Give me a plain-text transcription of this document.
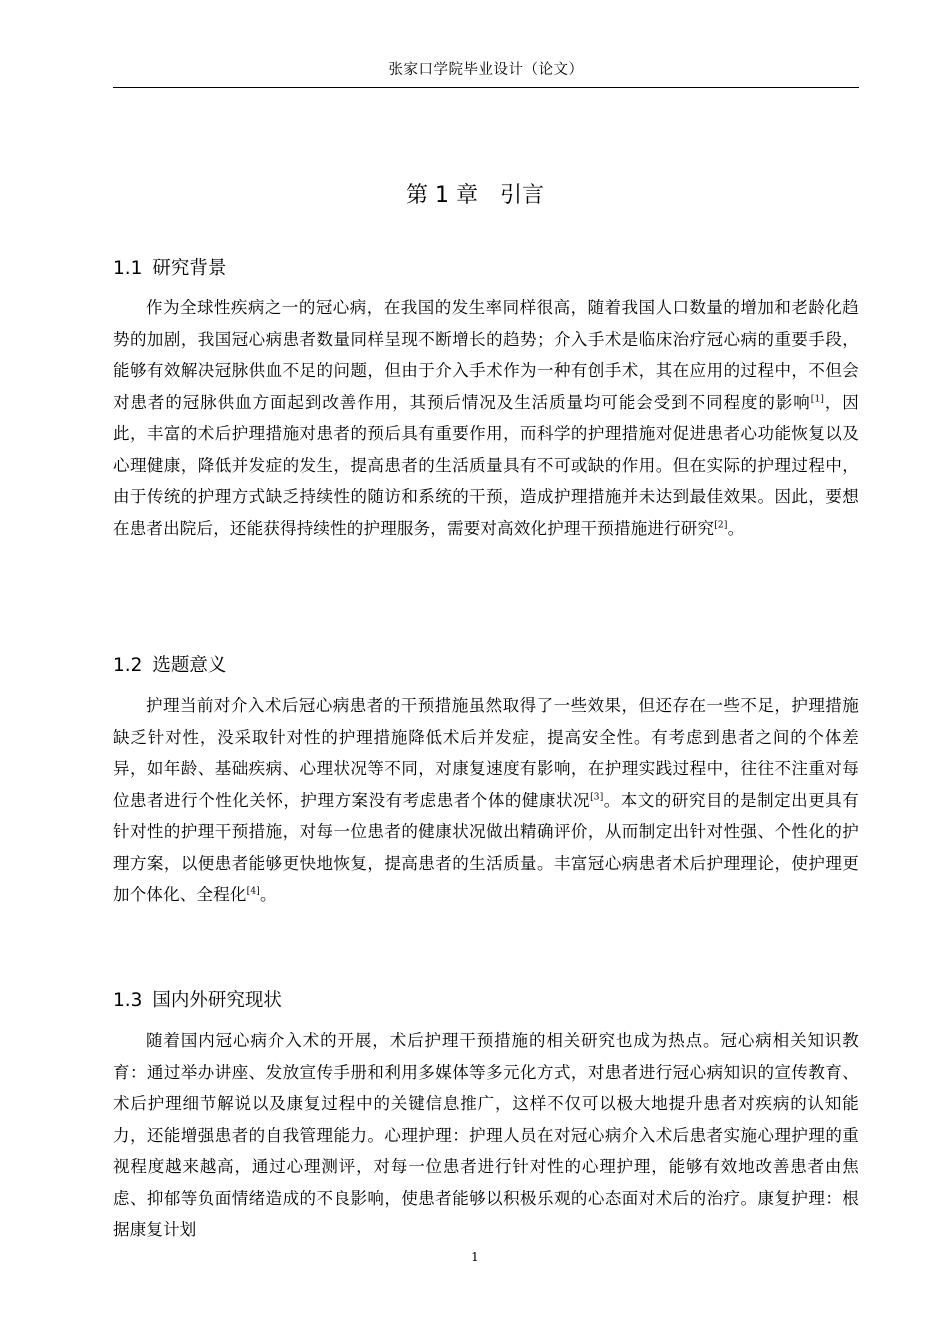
张家口学院毕业设计（论文）
第 1 章 引言
1.1 研究背景

作为全球性疾病之一的冠心病，在我国的发生率同样很高，随着我国人口数量的增加和老龄化趋势的加剧，我国冠心病患者数量同样呈现不断增长的趋势；介入手术是临床治疗冠心病的重要手段，能够有效解决冠脉供血不足的问题，但由于介入手术作为一种有创手术，其在应用的过程中，不但会对患者的冠脉供血方面起到改善作用，其预后情况及生活质量均可能会受到不同程度的影响[1]，因此，丰富的术后护理措施对患者的预后具有重要作用，而科学的护理措施对促进患者心功能恢复以及心理健康，降低并发症的发生，提高患者的生活质量具有不可或缺的作用。但在实际的护理过程中，由于传统的护理方式缺乏持续性的随访和系统的干预，造成护理措施并未达到最佳效果。因此，要想在患者出院后，还能获得持续性的护理服务，需要对高效化护理干预措施进行研究[2]。

1.2 选题意义

护理当前对介入术后冠心病患者的干预措施虽然取得了一些效果，但还存在一些不足，护理措施缺乏针对性，没采取针对性的护理措施降低术后并发症，提高安全性。有考虑到患者之间的个体差异，如年龄、基础疾病、心理状况等不同，对康复速度有影响，在护理实践过程中，往往不注重对每位患者进行个性化关怀，护理方案没有考虑患者个体的健康状况[3]。本文的研究目的是制定出更具有针对性的护理干预措施，对每一位患者的健康状况做出精确评价，从而制定出针对性强、个性化的护理方案，以便患者能够更快地恢复，提高患者的生活质量。丰富冠心病患者术后护理理论，使护理更加个体化、全程化[4]。

1.3 国内外研究现状

随着国内冠心病介入术的开展，术后护理干预措施的相关研究也成为热点。冠心病相关知识教育：通过举办讲座、发放宣传手册和利用多媒体等多元化方式，对患者进行冠心病知识的宣传教育、术后护理细节解说以及康复过程中的关键信息推广，这样不仅可以极大地提升患者对疾病的认知能力，还能增强患者的自我管理能力。心理护理：护理人员在对冠心病介入术后患者实施心理护理的重视程度越来越高，通过心理测评，对每一位患者进行针对性的心理护理，能够有效地改善患者由焦虑、抑郁等负面情绪造成的不良影响，使患者能够以积极乐观的心态面对术后的治疗。康复护理：根据康复计划

1
